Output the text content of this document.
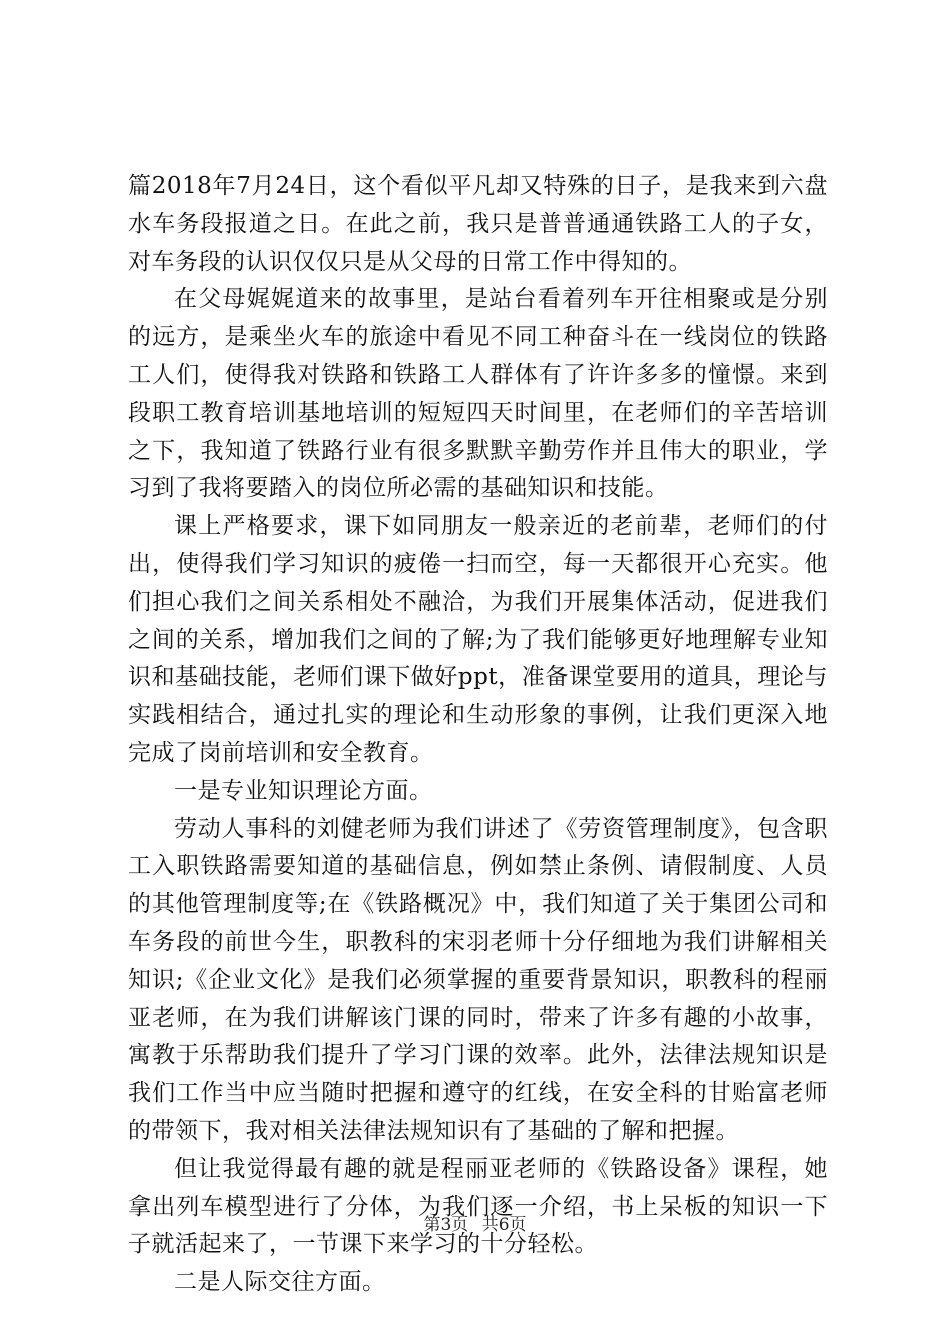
篇2018年7月24日，这个看似平凡却又特殊的日子，是我来到六盘水车务段报道之日。在此之前，我只是普普通通铁路工人的子女，对车务段的认识仅仅只是从父母的日常工作中得知的。

在父母娓娓道来的故事里，是站台看着列车开往相聚或是分别的远方，是乘坐火车的旅途中看见不同工种奋斗在一线岗位的铁路工人们，使得我对铁路和铁路工人群体有了许许多多的憧憬。来到段职工教育培训基地培训的短短四天时间里，在老师们的辛苦培训之下，我知道了铁路行业有很多默默辛勤劳作并且伟大的职业，学习到了我将要踏入的岗位所必需的基础知识和技能。

课上严格要求，课下如同朋友一般亲近的老前辈，老师们的付出，使得我们学习知识的疲倦一扫而空，每一天都很开心充实。他们担心我们之间关系相处不融洽，为我们开展集体活动，促进我们之间的关系，增加我们之间的了解;为了我们能够更好地理解专业知识和基础技能，老师们课下做好ppt，准备课堂要用的道具，理论与实践相结合，通过扎实的理论和生动形象的事例，让我们更深入地完成了岗前培训和安全教育。

一是专业知识理论方面。

劳动人事科的刘健老师为我们讲述了《劳资管理制度》，包含职工入职铁路需要知道的基础信息，例如禁止条例、请假制度、人员的其他管理制度等;在《铁路概况》中，我们知道了关于集团公司和车务段的前世今生，职教科的宋羽老师十分仔细地为我们讲解相关知识;《企业文化》是我们必须掌握的重要背景知识，职教科的程丽亚老师，在为我们讲解该门课的同时，带来了许多有趣的小故事，寓教于乐帮助我们提升了学习门课的效率。此外，法律法规知识是我们工作当中应当随时把握和遵守的红线，在安全科的甘贻富老师的带领下，我对相关法律法规知识有了基础的了解和把握。

但让我觉得最有趣的就是程丽亚老师的《铁路设备》课程，她拿出列车模型进行了分体，为我们逐一介绍，书上呆板的知识一下子就活起来了，一节课下来学习的十分轻松。

二是人际交往方面。

第3页 共6页
